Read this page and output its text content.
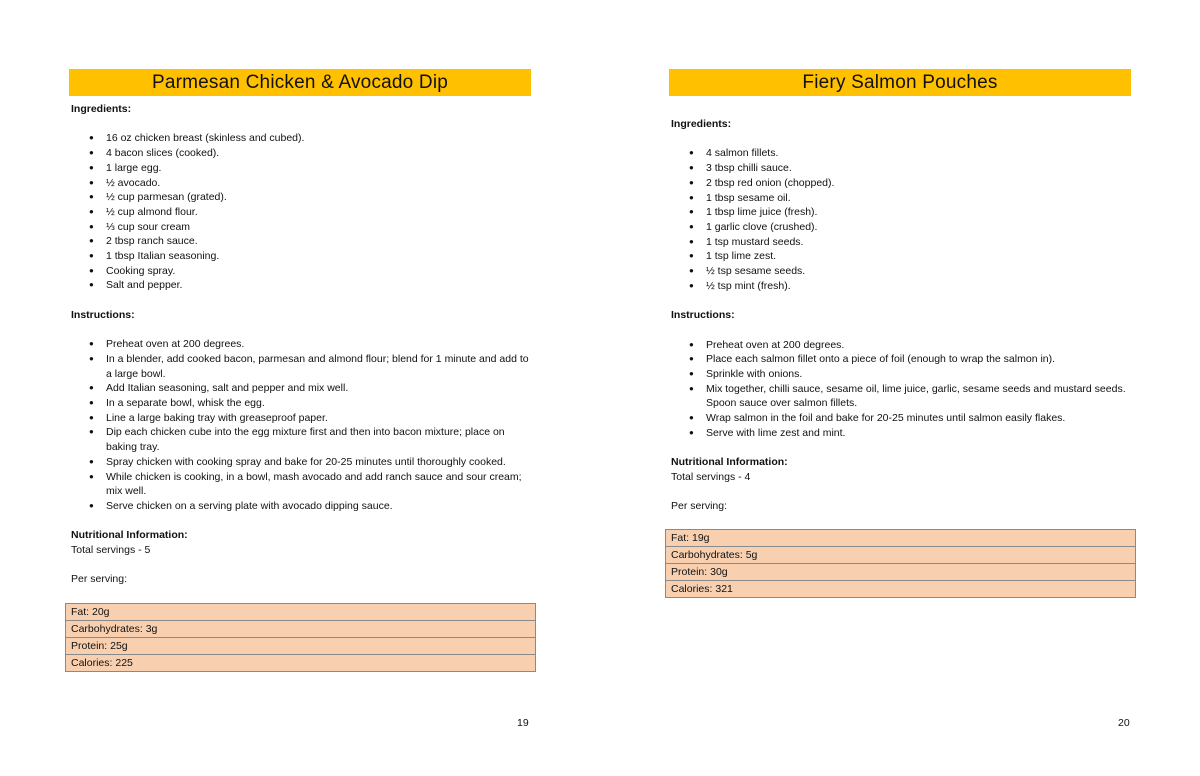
Parmesan Chicken & Avocado Dip
Ingredients:
● 16 oz chicken breast (skinless and cubed).
● 4 bacon slices (cooked).
● 1 large egg.
● ½ avocado.
● ½ cup parmesan (grated).
● ½ cup almond flour.
● ⅓ cup sour cream
● 2 tbsp ranch sauce.
● 1 tbsp Italian seasoning.
● Cooking spray.
● Salt and pepper.
Instructions:
● Preheat oven at 200 degrees.
● In a blender, add cooked bacon, parmesan and almond flour; blend for 1 minute and add to a large bowl.
● Add Italian seasoning, salt and pepper and mix well.
● In a separate bowl, whisk the egg.
● Line a large baking tray with greaseproof paper.
● Dip each chicken cube into the egg mixture first and then into bacon mixture; place on baking tray.
● Spray chicken with cooking spray and bake for 20-25 minutes until thoroughly cooked.
● While chicken is cooking, in a bowl, mash avocado and add ranch sauce and sour cream; mix well.
● Serve chicken on a serving plate with avocado dipping sauce.
Nutritional Information:

Total servings - 5

Per serving:

Fat: 20g
Carbohydrates: 3g
Protein: 25g
Calories: 225
19
Fiery Salmon Pouches
Ingredients:
● 4 salmon fillets.
● 3 tbsp chilli sauce.
● 2 tbsp red onion (chopped).
● 1 tbsp sesame oil.
● 1 tbsp lime juice (fresh).
● 1 garlic clove (crushed).
● 1 tsp mustard seeds.
● 1 tsp lime zest.
● ½ tsp sesame seeds.
● ½ tsp mint (fresh).
Instructions:
● Preheat oven at 200 degrees.
● Place each salmon fillet onto a piece of foil (enough to wrap the salmon in).
● Sprinkle with onions.
● Mix together, chilli sauce, sesame oil, lime juice, garlic, sesame seeds and mustard seeds. Spoon sauce over salmon fillets.
● Wrap salmon in the foil and bake for 20-25 minutes until salmon easily flakes.
● Serve with lime zest and mint.
Nutritional Information:

Total servings - 4

Per serving:

Fat: 19g
Carbohydrates: 5g
Protein: 30g
Calories: 321
20
